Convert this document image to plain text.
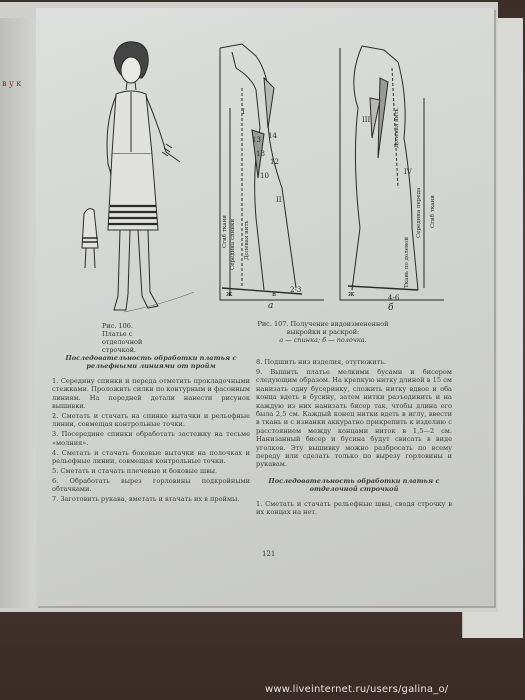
в у к
Рис. 106. Платье с отделочной строчкой.
I
II
13
18
12
14
10
2-3
ж	в
III
IV
4-6
ж
Сгиб ткани Середина спинки Долевая нить	Ткань по долевой
Середина переда Сгиб ткани
Долевая нить
а	б
Рис. 107. Получение видоизмененной выкройки и раскрой:
а — спинка; б — полочка.

Последовательность обработки платья с рельефными линиями от пройм

1. Середину спинки и переда отметить прокладочными стежками. Проложить силки по контурным и фасонным линиям. На передней детали нанести рисунок вышивки.

2. Сметать и стачать на спинке вытачки и рельефные линии, совмещая контрольные точки.

3. Посередине спинки обработать застежку на тесьме «молния».

4. Сметать и стачать боковые вытачки на полочках и рельефные линии, совмещая контрольные точки.

5. Сметать и стачать плечевые и боковые швы.

6. Обработать вырез горловины подкройными обтачками.

7. Заготовить рукава, вметать и втачать их в проймы.

8. Подшить низ изделия, отутюжить.

9. Вышить платье мелкими бусами и бисером следующим образом. На крепкую нитку длиной в 15 см нанизать одну бусеринку, сложить нитку вдвое и оба конца вдеть в бусину, затем нитки разъединить и на каждую из них нанизать бисер так, чтобы длина его была 2,5 см. Каждый конец нитки вдеть в иглу, ввести в ткань и с изнанки аккуратно прикрепить к изделию с расстоянием между концами ниток в 1,5—2 см. Нанизанный бисер и бусина будут свисать в виде уголков. Эту вышивку можно разбросать по всему переду или сделать только по вырезу горловины и рукавам.

Последовательность обработки платья с отделочной строчкой

1. Сметать и стачать рельефные швы, сводя строчку в их концах на нет.

121
www.liveinternet.ru/users/galina_o/
